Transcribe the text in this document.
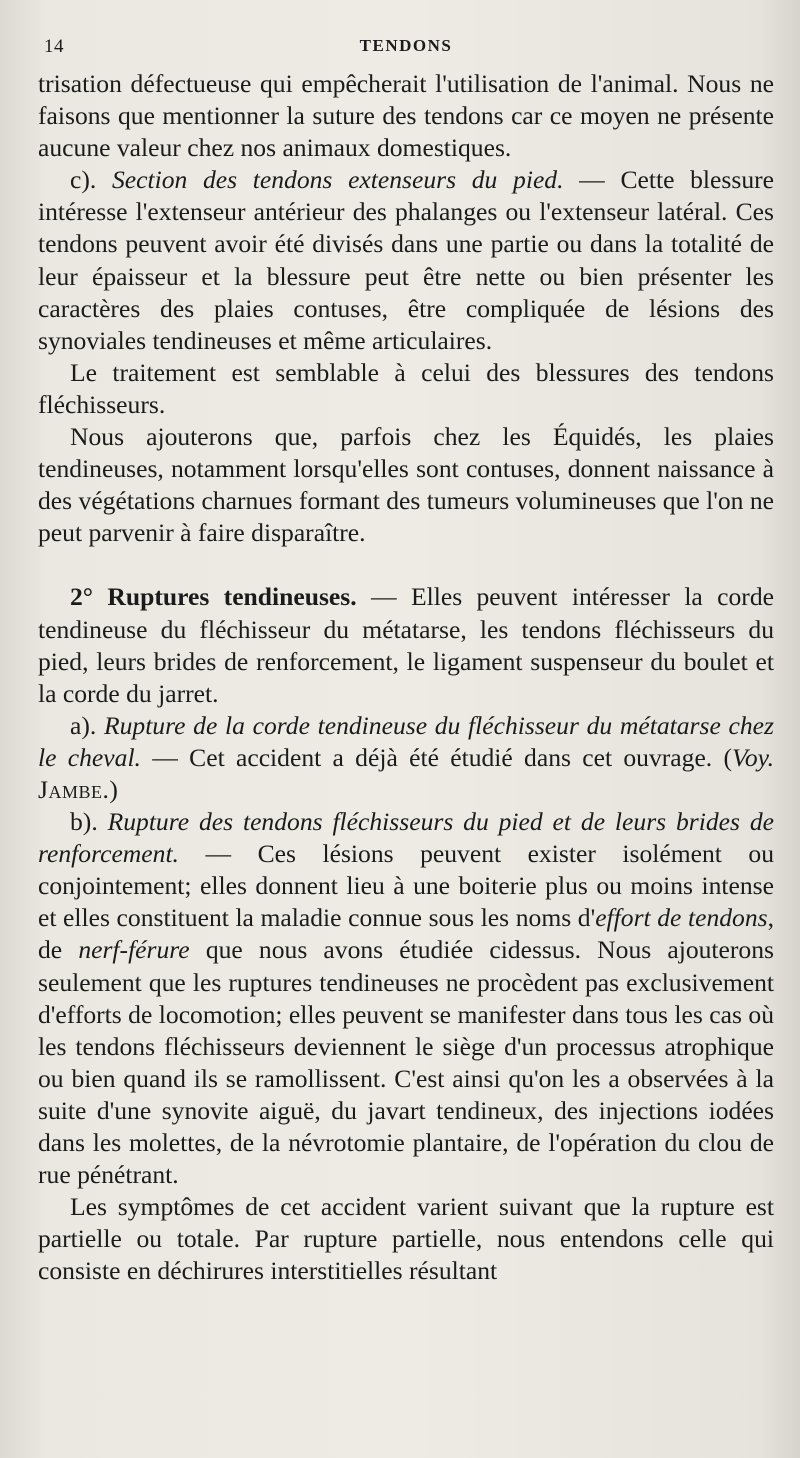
14	TENDONS

trisation défectueuse qui empêcherait l'utilisation de l'animal. Nous ne faisons que mentionner la suture des tendons car ce moyen ne présente aucune valeur chez nos animaux domestiques.

c). Section des tendons extenseurs du pied. — Cette blessure intéresse l'extenseur antérieur des phalanges ou l'extenseur latéral. Ces tendons peuvent avoir été divisés dans une partie ou dans la totalité de leur épaisseur et la blessure peut être nette ou bien présenter les caractères des plaies contuses, être compliquée de lésions des synoviales tendineuses et même articulaires.

Le traitement est semblable à celui des blessures des tendons fléchisseurs.

Nous ajouterons que, parfois chez les Équidés, les plaies tendineuses, notamment lorsqu'elles sont contuses, donnent naissance à des végétations charnues formant des tumeurs volumineuses que l'on ne peut parvenir à faire disparaître.

2° Ruptures tendineuses. — Elles peuvent intéresser la corde tendineuse du fléchisseur du métatarse, les tendons fléchisseurs du pied, leurs brides de renforcement, le ligament suspenseur du boulet et la corde du jarret.

a). Rupture de la corde tendineuse du fléchisseur du métatarse chez le cheval. — Cet accident a déjà été étudié dans cet ouvrage. (Voy. Jambe.)

b). Rupture des tendons fléchisseurs du pied et de leurs brides de renforcement. — Ces lésions peuvent exister isolément ou conjointement; elles donnent lieu à une boiterie plus ou moins intense et elles constituent la maladie connue sous les noms d'effort de tendons, de nerf-férure que nous avons étudiée cidessus. Nous ajouterons seulement que les ruptures tendineuses ne procèdent pas exclusivement d'efforts de locomotion; elles peuvent se manifester dans tous les cas où les tendons fléchisseurs deviennent le siège d'un processus atrophique ou bien quand ils se ramollissent. C'est ainsi qu'on les a observées à la suite d'une synovite aiguë, du javart tendineux, des injections iodées dans les molettes, de la névrotomie plantaire, de l'opération du clou de rue pénétrant.

Les symptômes de cet accident varient suivant que la rupture est partielle ou totale. Par rupture partielle, nous entendons celle qui consiste en déchirures interstitielles résultant
